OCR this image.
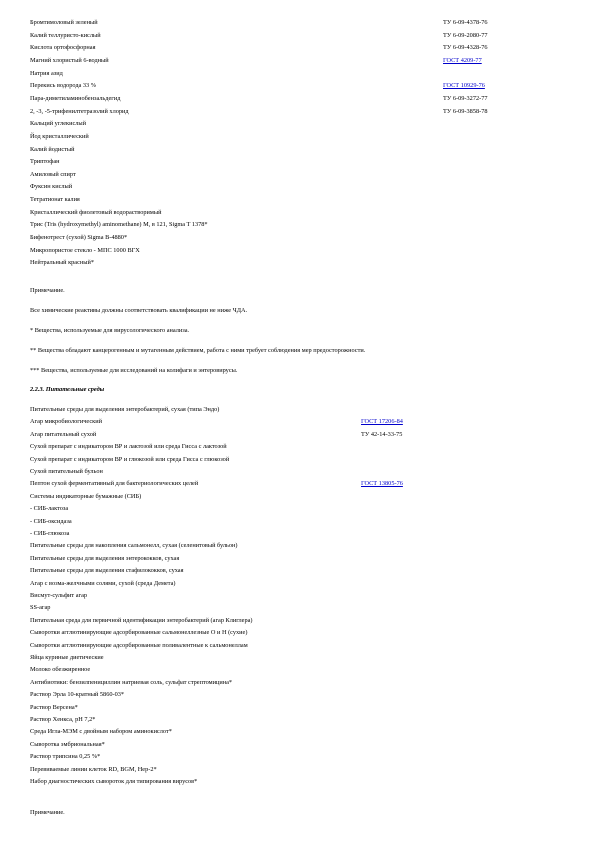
Бромтимоловый зеленый	ТУ 6-09-4378-76
Калий теллуристо-кислый	ТУ 6-09-2080-77
Кислота ортофосфорная	ТУ 6-09-4328-76
Магний хлористый 6-водный	ГОСТ 4209-77
Натрия азид
Перекись водорода 33 %	ГОСТ 10929-76
Пара-диметиламинобензальдегид	ТУ 6-09-3272-77
2, -3, -5-трифенилтетразолий хлорид	ТУ 6-09-3858-78
Кальций углекислый
Йод кристаллический
Калий йодистый
Триптофан
Амиловый спирт
Фуксин кислый
Тетратионат калия
Кристаллический фиолетовый водорастворимый
Трис (Tris (hydroxymethyl) aminomethane) M, в 121, Sigma T 1378*
Бифенотрест (сухой) Sigma B-4880*
Микропористое стекло - МПС 1000 ВГХ
Нейтральный красный*
Примечание.
Все химические реактивы должны соответствовать квалификации не ниже ЧДА.
* Вещества, используемые для вирусологического анализа.
** Вещества обладают канцерогенным и мутагенным действием, работа с ними требует соблюдения мер предосторожности.
*** Вещества, используемые для исследований на колифаги и энтеровирусы.
2.2.3. Питательные среды
Питательные среды для выделения энтеробактерий, сухая (типа Эндо)
Агар микробиологический	ГОСТ 17206-84
Агар питательный сухой	ТУ 42-14-33-75
Сухой препарат с индикатором ВР и лактозой или среда Гисса с лактозой
Сухой препарат с индикатором ВР и глюкозой или среда Гисса с глюкозой
Сухой питательный бульон
Пептон сухой ферментативный для бактериологических целей	ГОСТ 13805-76
Системы индикаторные бумажные (СИБ)
- СИБ-лактоза
- СИБ-оксидаза
- СИБ-глюкоза
Питательные среды для накопления сальмонелл, сухая (селенитовый бульон)
Питательные среды для выделения энтерококков, сухая
Питательные среды для выделения стафилококков, сухая
Агар с возма-желчными солями, сухой (среда Демета)
Висмут-сульфит агар
SS-агар
Питательная среда для первичной идентификации энтеробактерий (агар Клиглера)
Сыворотки агглютинирующие адсорбированные сальмонеллезные О и Н (сухие)
Сыворотки агглютинирующие адсорбированные поливалентные к сальмонеллам
Яйца куриные диетические
Молоко обезжиренное
Антибиотики: бензилпенициллин натриевая соль, сульфат стрептомицина*
Раствор Эрла 10-кратный 5860-03*
Раствор Версена*
Раствор Хенкса, pH 7,2*
Среда Игла-МЭМ с двойным набором аминокислот*
Сыворотка эмбриональная*
Раствор трипсина 0,25 %*
Перевиваемые линии клеток RD, BGM, Нер-2*
Набор диагностических сывороток для типирования вирусов*
Примечание.
